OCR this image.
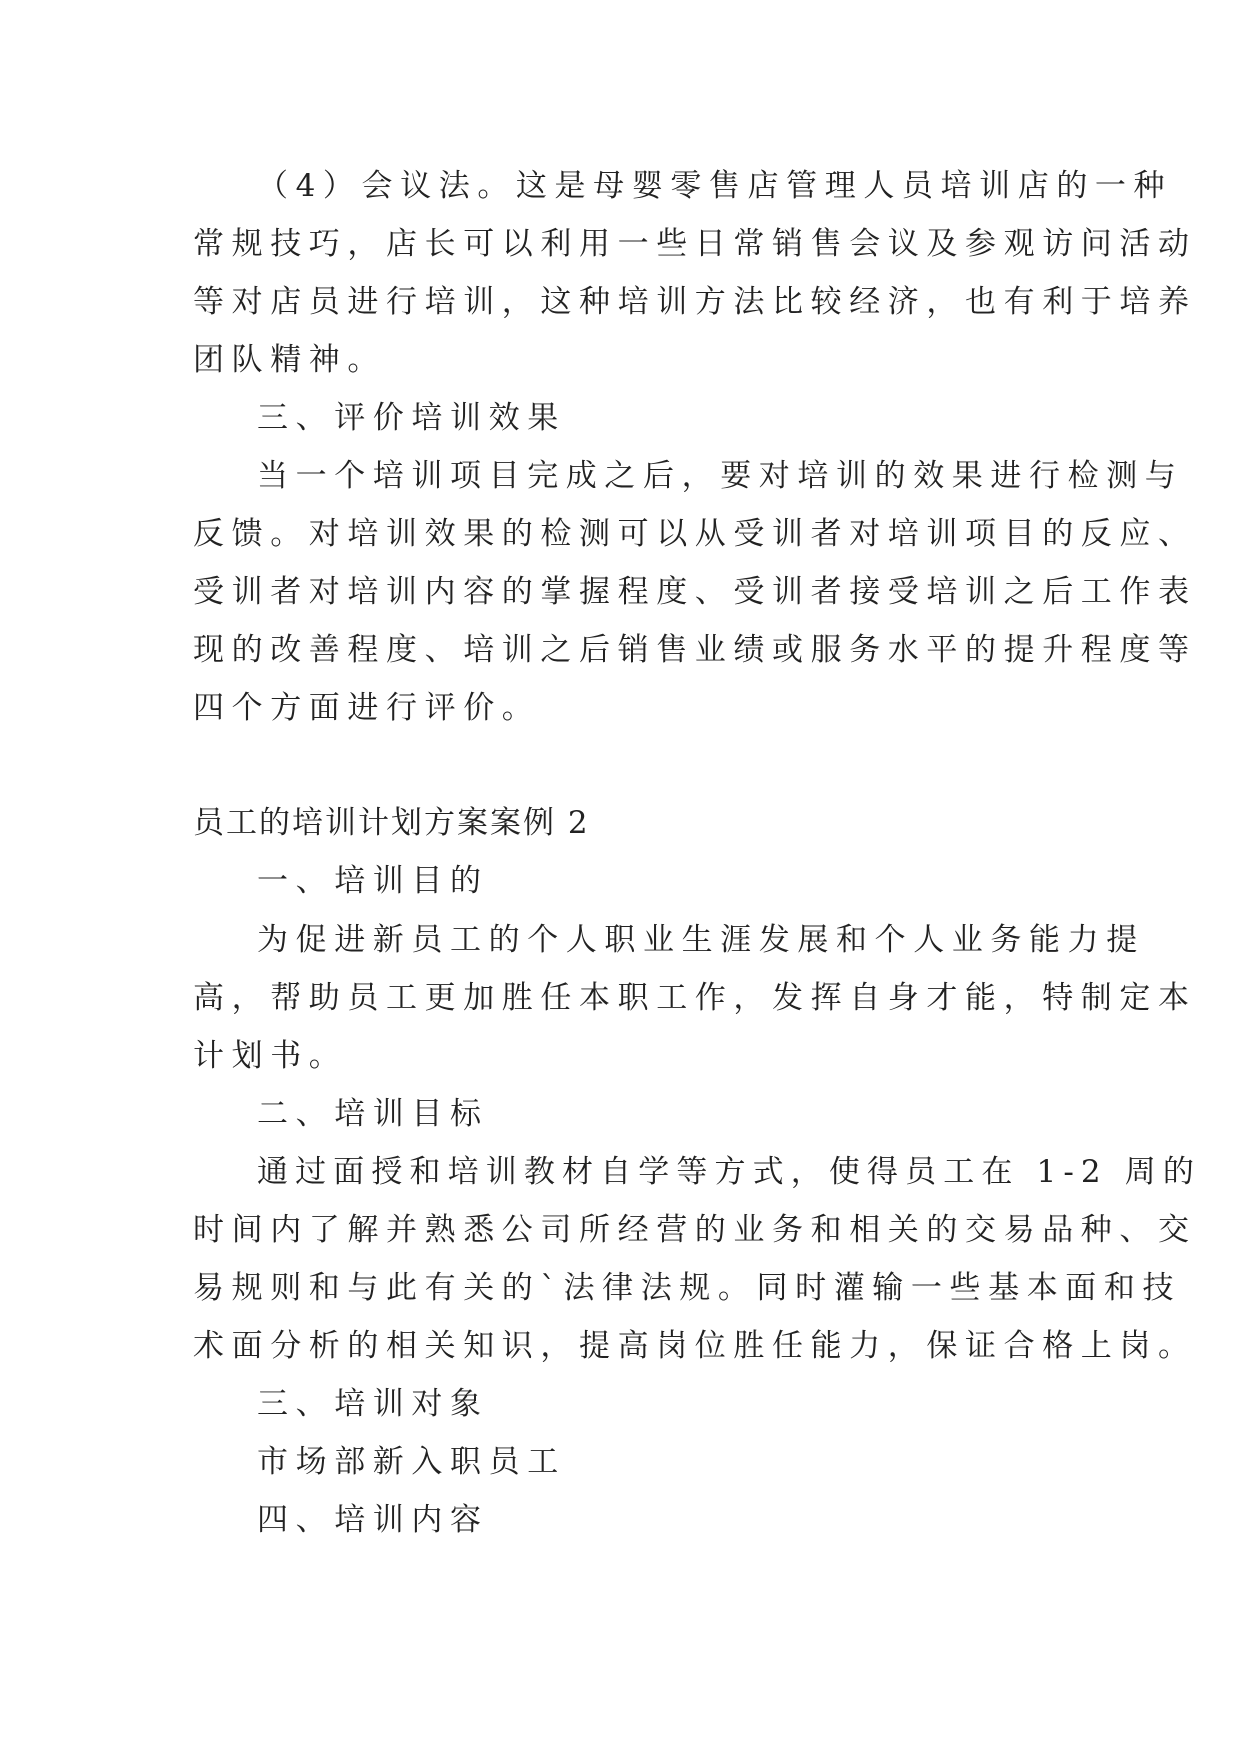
（4）会议法。这是母婴零售店管理人员培训店的一种

常规技巧，店长可以利用一些日常销售会议及参观访问活动

等对店员进行培训，这种培训方法比较经济，也有利于培养

团队精神。

三、评价培训效果

当一个培训项目完成之后，要对培训的效果进行检测与

反馈。对培训效果的检测可以从受训者对培训项目的反应、

受训者对培训内容的掌握程度、受训者接受培训之后工作表

现的改善程度、培训之后销售业绩或服务水平的提升程度等

四个方面进行评价。

员工的培训计划方案案例 2

一、培训目的

为促进新员工的个人职业生涯发展和个人业务能力提

高，帮助员工更加胜任本职工作，发挥自身才能，特制定本

计划书。

二、培训目标

通过面授和培训教材自学等方式，使得员工在 1-2 周的

时间内了解并熟悉公司所经营的业务和相关的交易品种、交

易规则和与此有关的`法律法规。同时灌输一些基本面和技

术面分析的相关知识，提高岗位胜任能力，保证合格上岗。

三、培训对象

市场部新入职员工

四、培训内容
